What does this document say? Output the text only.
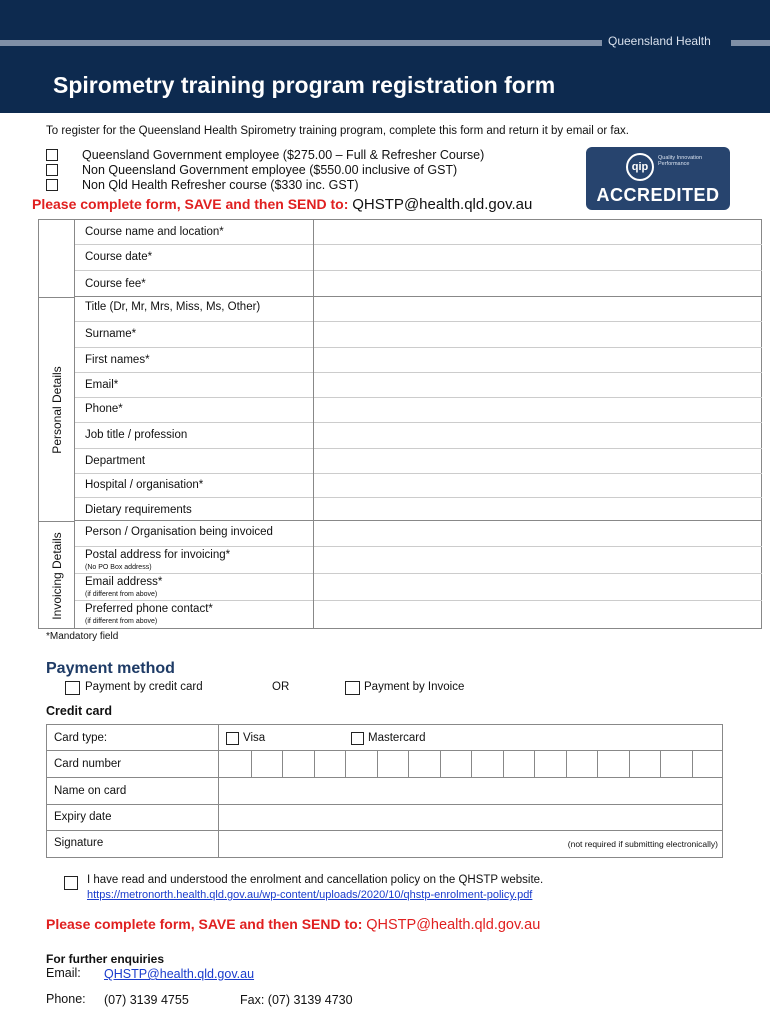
Queensland Health
Spirometry training program registration form
To register for the Queensland Health Spirometry training program, complete this form and return it by email or fax.
Queensland Government employee ($275.00 – Full & Refresher Course)
Non Queensland Government employee ($550.00 inclusive of GST)
Non Qld Health Refresher course ($330 inc. GST)
qip
Quality Innovation Performance
ACCREDITED
Please complete form, SAVE and then SEND to: QHSTP@health.qld.gov.au
Personal Details
Invoicing Details
Course name and location*
Course date*
Course fee*
Title (Dr, Mr, Mrs, Miss, Ms, Other)
Surname*
First names*
Email*
Phone*
Job title / profession
Department
Hospital / organisation*
Dietary requirements
Person / Organisation being invoiced
Postal address for invoicing*
(No PO Box address)
Email address*
(if different from above)
Preferred phone contact*
(if different from above)
*Mandatory field
Payment method
Payment by credit card	OR	Payment by Invoice
Credit card
Card type:	Visa	Mastercard
Card number
Name on card
Expiry date
Signature	(not required if submitting electronically)
I have read and understood the enrolment and cancellation policy on the QHSTP website.
https://metronorth.health.qld.gov.au/wp-content/uploads/2020/10/qhstp-enrolment-policy.pdf
Please complete form, SAVE and then SEND to: QHSTP@health.qld.gov.au
For further enquiries
Email: QHSTP@health.qld.gov.au
Phone: (07) 3139 4755	Fax: (07) 3139 4730
